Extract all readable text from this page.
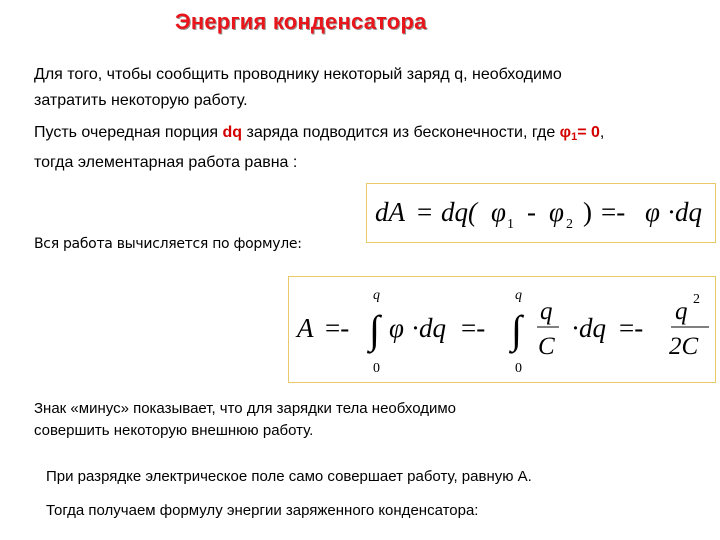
Энергия конденсатора
Для того, чтобы сообщить проводнику некоторый заряд q, необходимо
затратить некоторую работу.
Пусть очередная порция dq заряда подводится из бесконечности, где φ1= 0,
тогда элементарная работа равна :
dA = dq( φ 1 - φ 2 ) =- φ · dq
Вся работа вычисляется по формуле:
A =-
q
∫
0
φ · dq =-
q
∫
0
q
C
· dq =-
q 2
2C
Знак «минус» показывает, что для зарядки тела необходимо
совершить некоторую внешнюю работу.
При разрядке электрическое поле само совершает работу, равную А.
Тогда получаем формулу энергии заряженного конденсатора:
